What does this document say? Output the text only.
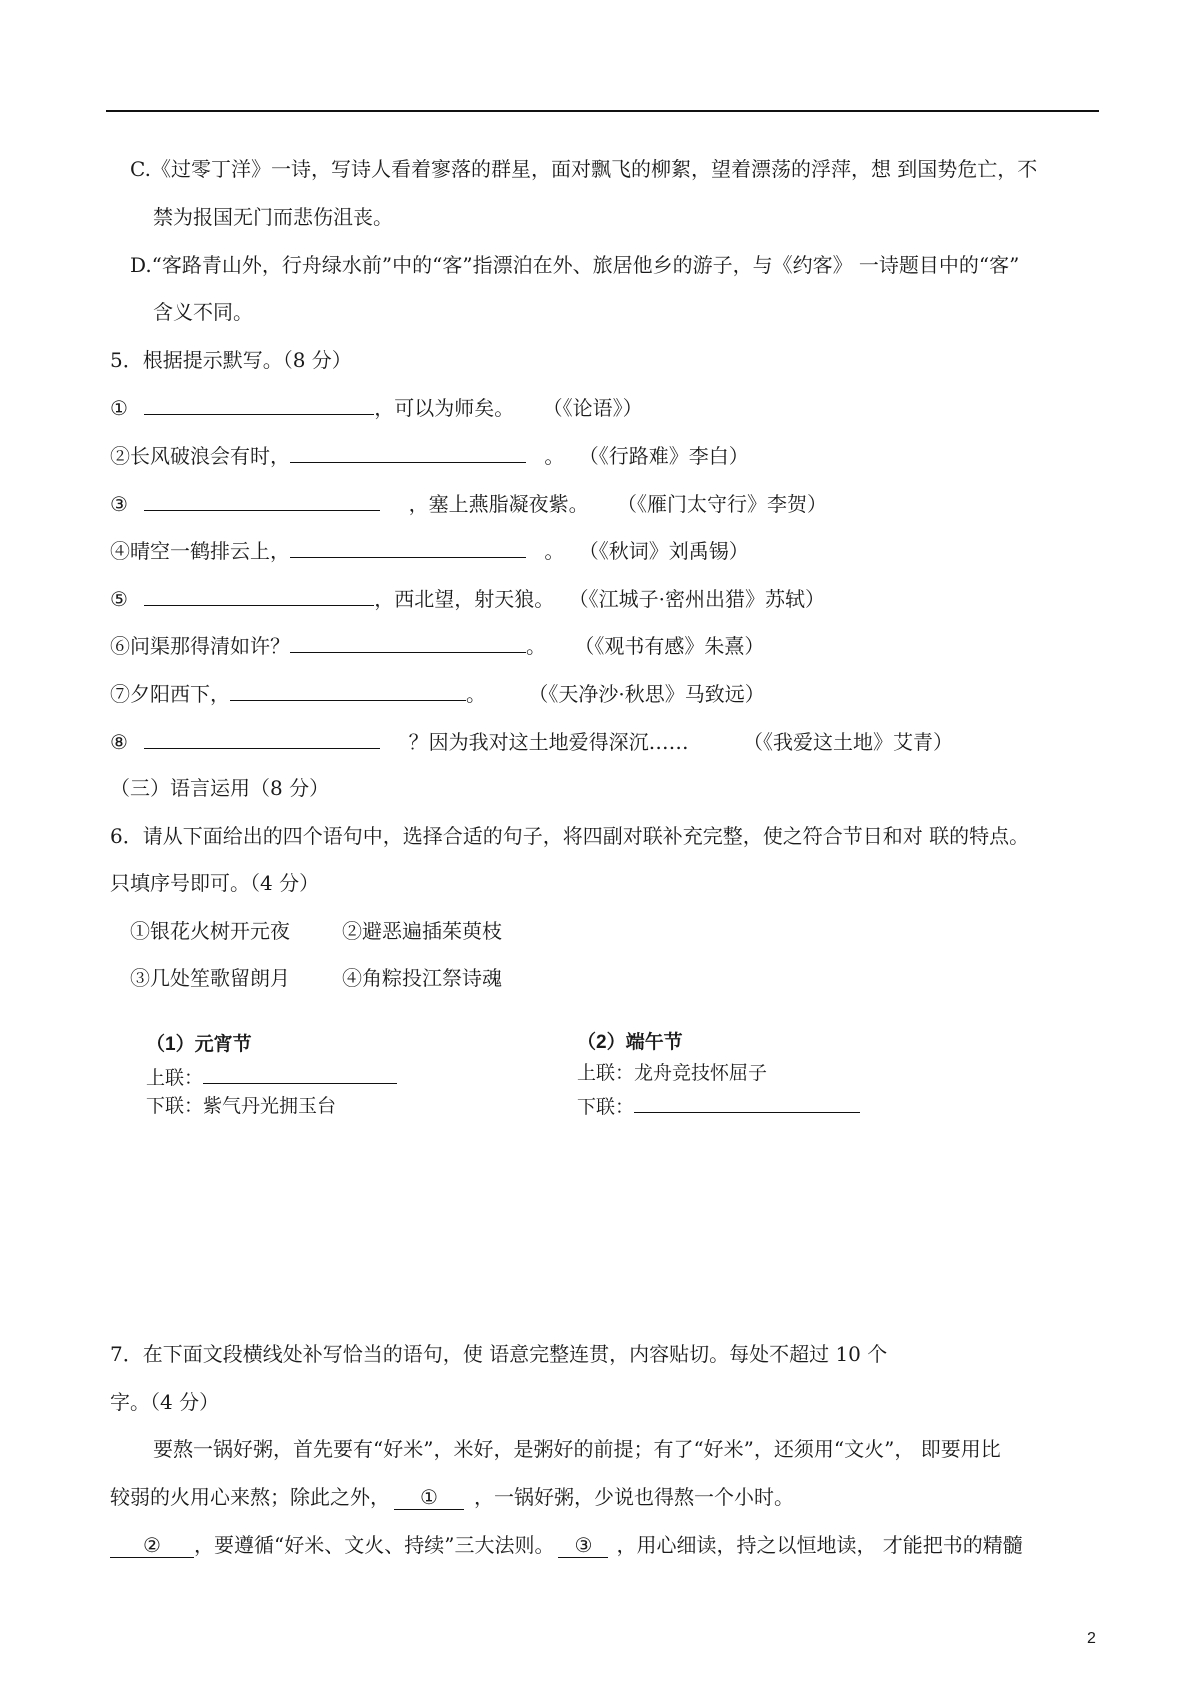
C.《过零丁洋》一诗，写诗人看着寥落的群星，面对飘飞的柳絮，望着漂荡的浮萍，想 到国势危亡，不
禁为报国无门而悲伤沮丧。
D.“客路青山外，行舟绿水前”中的“客”指漂泊在外、旅居他乡的游子，与《约客》 一诗题目中的“客”
含义不同。
5．根据提示默写。（8 分）
①	，可以为师矣。 （《论语》）
②长风破浪会有时，	。 （《行路难》李白）
③	，塞上燕脂凝夜紫。 （《雁门太守行》李贺）
④晴空一鹤排云上，	。 （《秋词》刘禹锡）
⑤	，西北望，射天狼。 （《江城子·密州出猎》苏轼）
⑥问渠那得清如许？	。 （《观书有感》朱熹）
⑦夕阳西下，	。 （《天净沙·秋思》马致远）
⑧	？因为我对这土地爱得深沉……	（《我爱这土地》艾青）
（三）语言运用（8 分）
6．请从下面给出的四个语句中，选择合适的句子，将四副对联补充完整，使之符合节日和对 联的特点。
只填序号即可。（4 分）
①银花火树开元夜	②避恶遍插茱萸枝
③几处笙歌留朗月	④角粽投江祭诗魂
（1）元宵节
上联：
下联：紫气丹光拥玉台
（2）端午节
上联：龙舟竞技怀屈子
下联：
7．在下面文段横线处补写恰当的语句，使 语意完整连贯，内容贴切。每处不超过 10 个
字。（4 分）
要熬一锅好粥，首先要有“好米”，米好，是粥好的前提；有了“好米”，还须用“文火”， 即要用比
较弱的火用心来熬；除此之外， ① ，一锅好粥，少说也得熬一个小时。
② ，要遵循“好米、文火、持续”三大法则。 ③ ，用心细读，持之以恒地读， 才能把书的精髓
2
